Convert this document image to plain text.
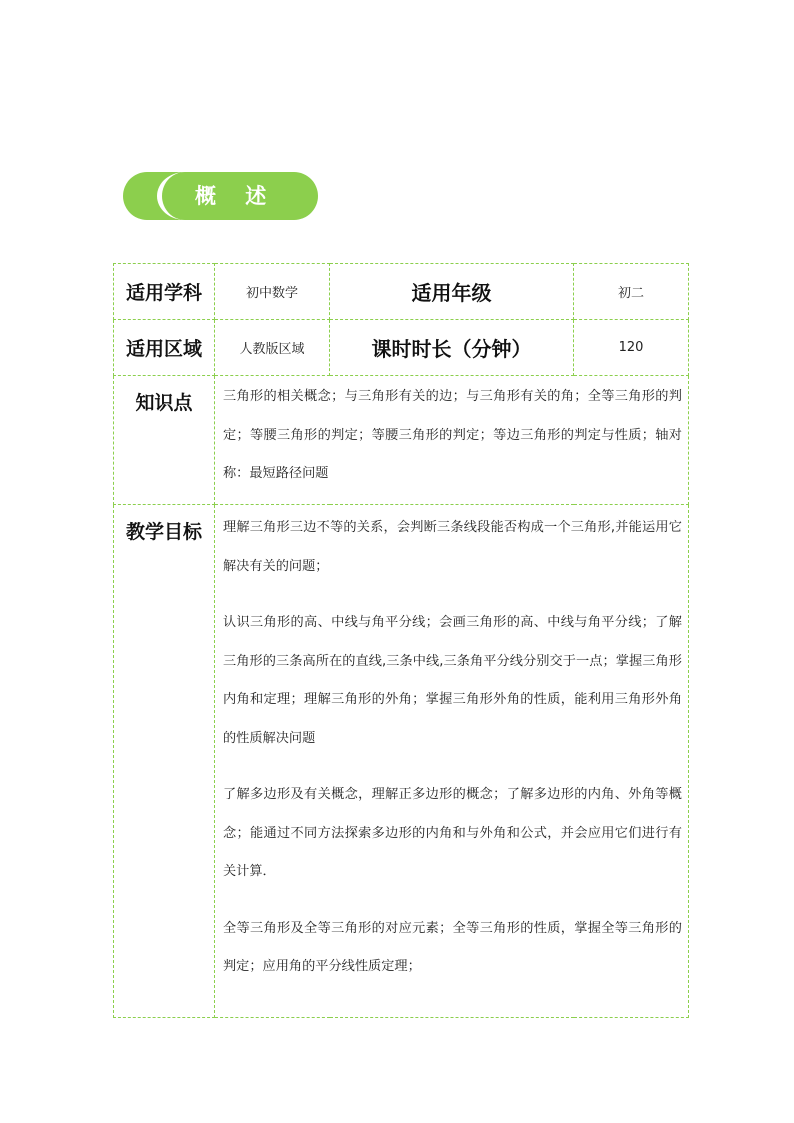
概 述
适用学科	初中数学	适用年级	初二
适用区域	人教版区域	课时时长（分钟）	120
知识点	三角形的相关概念；与三角形有关的边；与三角形有关的角；全等三角形的判定；等腰三角形的判定；等腰三角形的判定；等边三角形的判定与性质；轴对称：最短路径问题		

教学目标	理解三角形三边不等的关系，会判断三条线段能否构成一个三角形,并能运用它解决有关的问题；

认识三角形的高、中线与角平分线；会画三角形的高、中线与角平分线；了解三角形的三条高所在的直线,三条中线,三条角平分线分别交于一点；掌握三角形内角和定理；理解三角形的外角；掌握三角形外角的性质，能利用三角形外角的性质解决问题

了解多边形及有关概念，理解正多边形的概念；了解多边形的内角、外角等概念；能通过不同方法探索多边形的内角和与外角和公式，并会应用它们进行有关计算．

全等三角形及全等三角形的对应元素；全等三角形的性质，掌握全等三角形的判定；应用角的平分线性质定理；		
